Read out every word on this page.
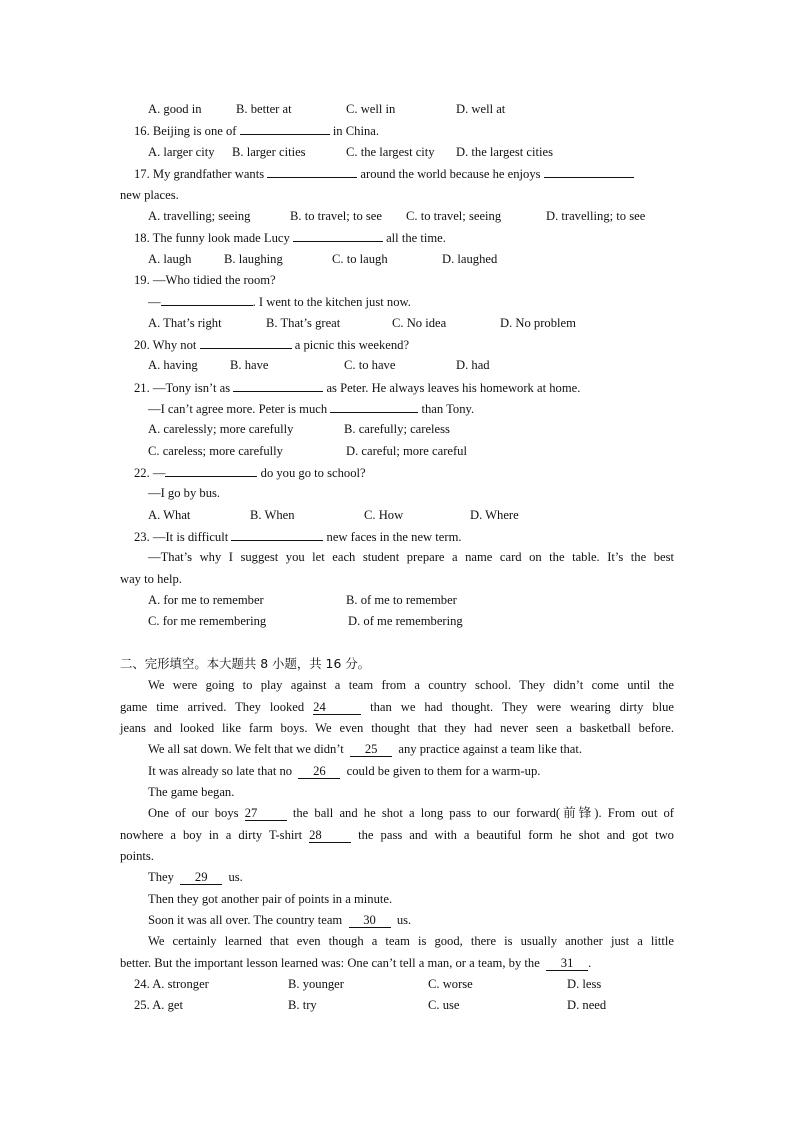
A. good in	B. better at	C. well in	D. well at
16. Beijing is one of	in China.
A. larger city B. larger cities	C. the largest city D. the largest cities
17. My grandfather wants	around the world because he enjoys
new places.
A. travelling; seeing	B. to travel; to see C. to travel; seeing	D. travelling; to see
18. The funny look made Lucy	all the time.
A. laugh	B. laughing	C. to laugh	D. laughed
19. —Who tidied the room?
—	. I went to the kitchen just now.
A. That’s right	B. That’s great	C. No idea	D. No problem
20. Why not	a picnic this weekend?
A. having	B. have	C. to have	D. had
21. —Tony isn’t as	as Peter. He always leaves his homework at home.
—I can’t agree more. Peter is much	than Tony.
A. carelessly; more carefully	B. carefully; careless
C. careless; more carefully	D. careful; more careful
22. —	do you go to school?
—I go by bus.
A. What	B. When	C. How	D. Where
23. —It is difficult	new faces in the new term.
—That’s why I suggest you let each student prepare a name card on the table. It’s the best
way to help.
A. for me to remember	B. of me to remember
C. for me remembering	D. of me remembering
二、完形填空。本大题共 8 小题，共 16 分。
We were going to play against a team from a country school. They didn’t come until the
game time arrived. They looked 24	than we had thought. They were wearing dirty blue
jeans and looked like farm boys. We even thought that they had never seen a basketball before.
We all sat down. We felt that we didn’t 25 any practice against a team like that.
It was already so late that no 26 could be given to them for a warm-up.
The game began.
One of our boys 27	the ball and he shot a long pass to our forward(前锋). From out of
nowhere a boy in a dirty T-shirt 28	the pass and with a beautiful form he shot and got two
points.
They 29 us.
Then they got another pair of points in a minute.
Soon it was all over. The country team 30 us.
We certainly learned that even though a team is good, there is usually another just a little
better. But the important lesson learned was: One can’t tell a man, or a team, by the 31 .
24. A. stronger	B. younger	C. worse	D. less
25. A. get	B. try	C. use	D. need
